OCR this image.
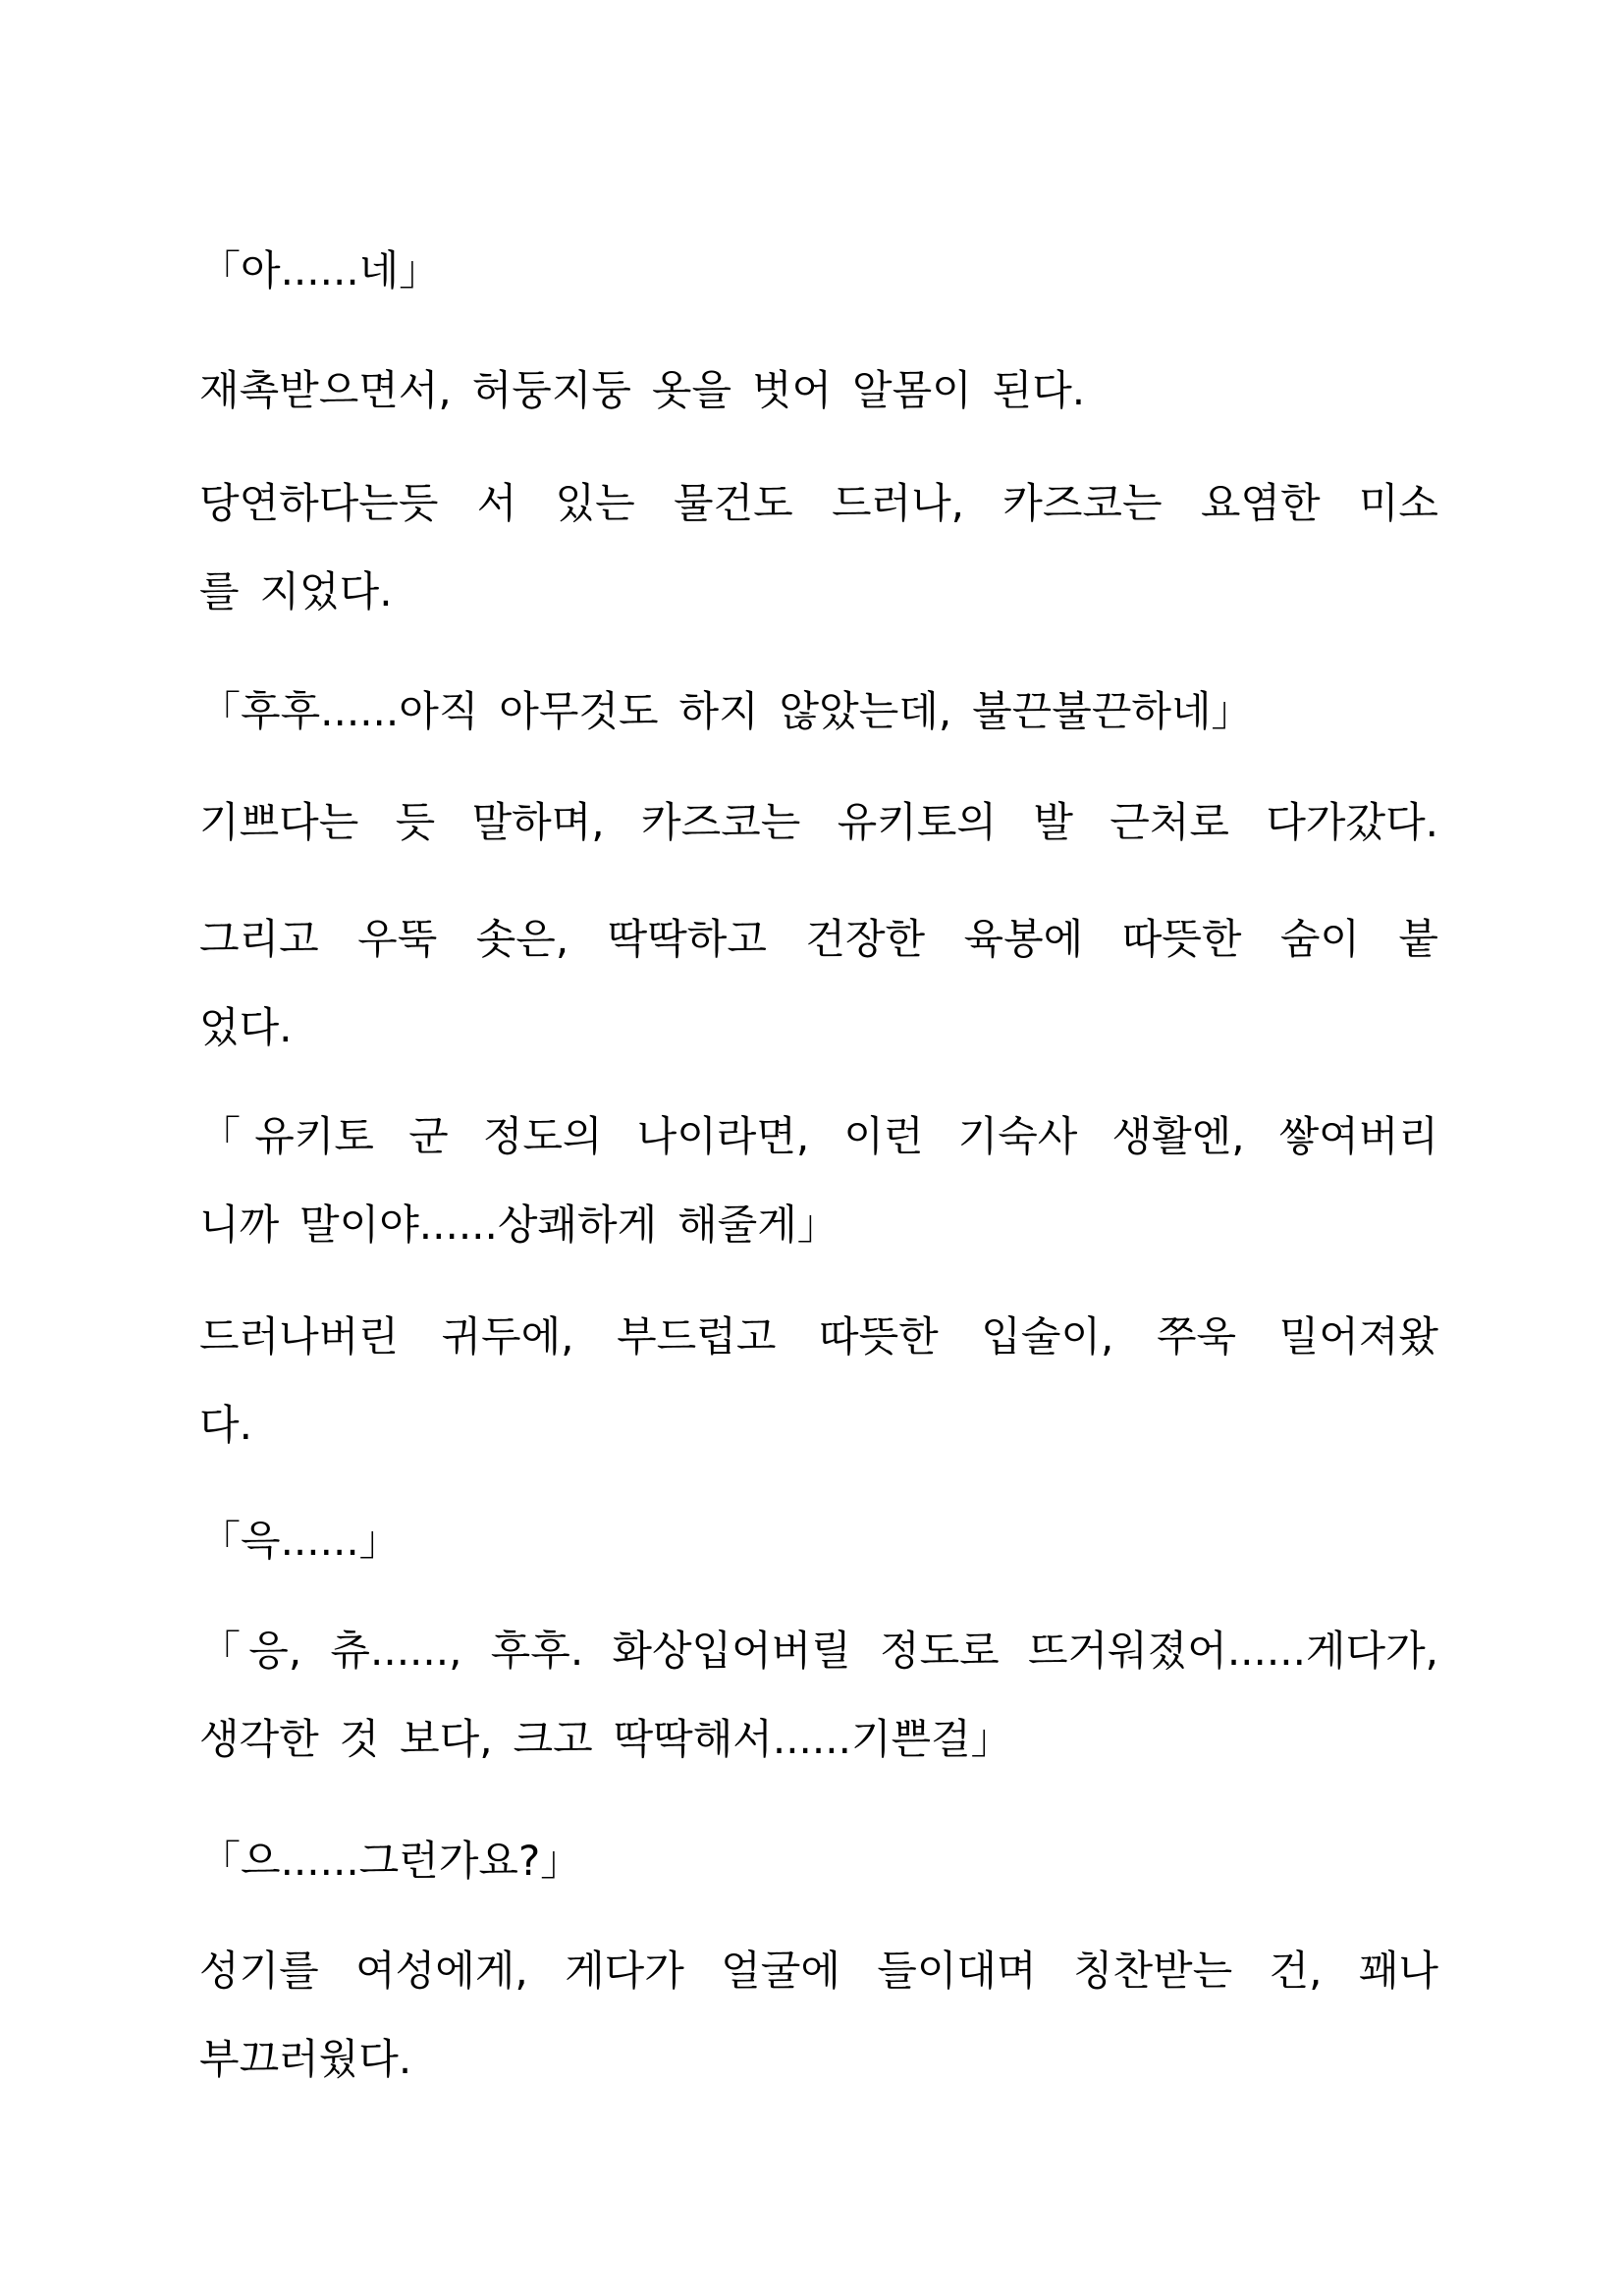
「아......네」

재촉받으면서, 허둥지둥 옷을 벗어 알몸이 된다.

당연하다는듯 서 있는 물건도 드러나, 카즈코는 요염한 미소
를 지었다.

「후후......아직 아무것도 하지 않았는데, 불끈불끈하네」

기쁘다는 듯 말하며, 카즈코는 유키토의 발 근처로 다가갔다.

그리고 우뚝 솟은, 딱딱하고 건장한 육봉에 따뜻한 숨이 붙
었다.

「유키토 군 정도의 나이라면, 이런 기숙사 생활엔, 쌓여버리
니까 말이야......상쾌하게 해줄게」

드러나버린 귀두에, 부드럽고 따뜻한 입술이, 쭈욱 밀어져왔
다.

「윽......」

「응, 츄......, 후후. 화상입어버릴 정도로 뜨거워졌어......게다가,
생각한 것 보다, 크고 딱딱해서......기쁜걸」

「으......그런가요?」

성기를 여성에게, 게다가 얼굴에 들이대며 칭찬받는 건, 꽤나
부끄러웠다.
